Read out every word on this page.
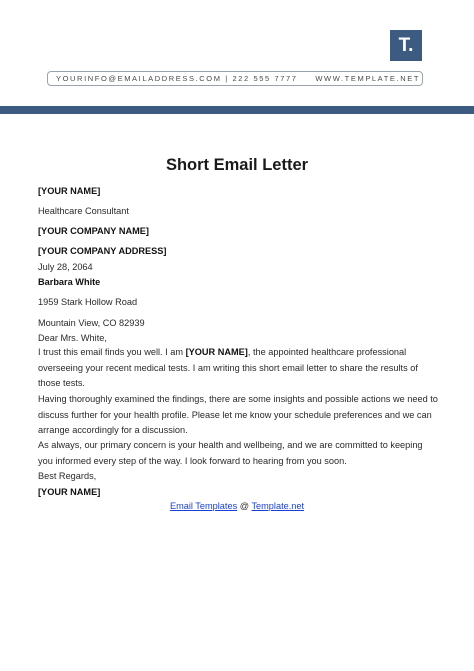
T.
YOURINFO@EMAILADDRESS.COM | 222 555 7777 WWW.TEMPLATE.NET
Short Email Letter
[YOUR NAME]
Healthcare Consultant
[YOUR COMPANY NAME]
[YOUR COMPANY ADDRESS]
July 28, 2064
Barbara White
1959 Stark Hollow Road
Mountain View, CO 82939
Dear Mrs. White,
I trust this email finds you well. I am [YOUR NAME], the appointed healthcare professional overseeing your recent medical tests. I am writing this short email letter to share the results of those tests.
Having thoroughly examined the findings, there are some insights and possible actions we need to discuss further for your health profile. Please let me know your schedule preferences and we can arrange accordingly for a discussion.
As always, our primary concern is your health and wellbeing, and we are committed to keeping you informed every step of the way. I look forward to hearing from you soon.
Best Regards,
[YOUR NAME]
Email Templates @ Template.net
